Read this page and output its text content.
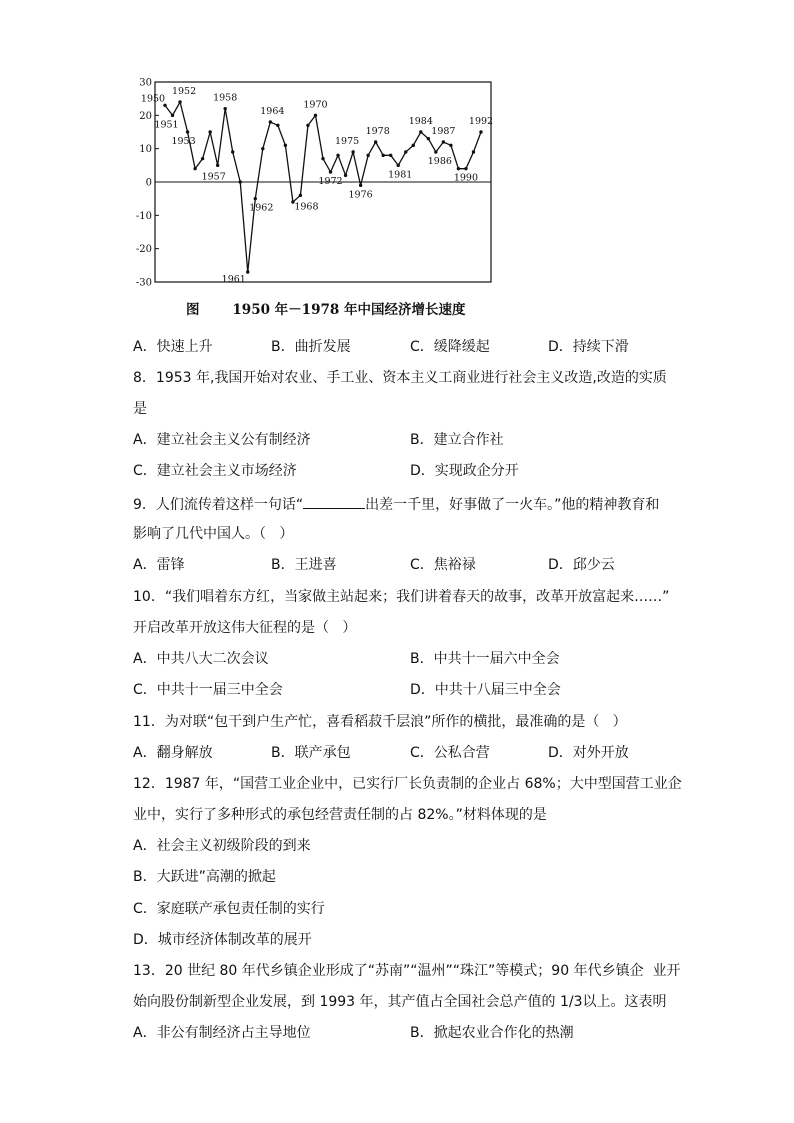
30
20
10
0
-10
-20
-30
1950
1951
1952
1953
1957
1958
1961
1962
1964
1968
1970
1972
1975
1976
1978
1981
1984
1986
1987
1990
1992
图 1950 年－1978 年中国经济增长速度
A．快速上升	B．曲折发展	C．缓降缓起	D．持续下滑
8．1953 年,我国开始对农业、手工业、资本主义工商业进行社会主义改造,改造的实质
是
A．建立社会主义公有制经济	B．建立合作社
C．建立社会主义市场经济	D．实现政企分开
9．人们流传着这样一句话“	出差一千里，好事做了一火车。”他的精神教育和
影响了几代中国人。（   ）
A．雷锋	B．王进喜	C．焦裕禄	D．邱少云
10．“我们唱着东方红，当家做主站起来；我们讲着春天的故事，改革开放富起来……”
开启改革开放这伟大征程的是（   ）
A．中共八大二次会议	B．中共十一届六中全会
C．中共十一届三中全会	D．中共十八届三中全会
11．为对联“包干到户生产忙，喜看稻菽千层浪”所作的横批，最准确的是（   ）
A．翻身解放	B．联产承包	C．公私合营	D．对外开放
12．1987 年，“国营工业企业中，已实行厂长负责制的企业占 68%；大中型国营工业企
业中，实行了多种形式的承包经营责任制的占 82%。”材料体现的是
A．社会主义初级阶段的到来
B．大跃进”高潮的掀起
C．家庭联产承包责任制的实行
D．城市经济体制改革的展开
13．20 世纪 80 年代乡镇企业形成了“苏南”“温州”“珠江”等模式；90 年代乡镇企  业开
始向股份制新型企业发展，到 1993 年，其产值占全国社会总产值的 1/3以上。这表明
A．非公有制经济占主导地位	B．掀起农业合作化的热潮
